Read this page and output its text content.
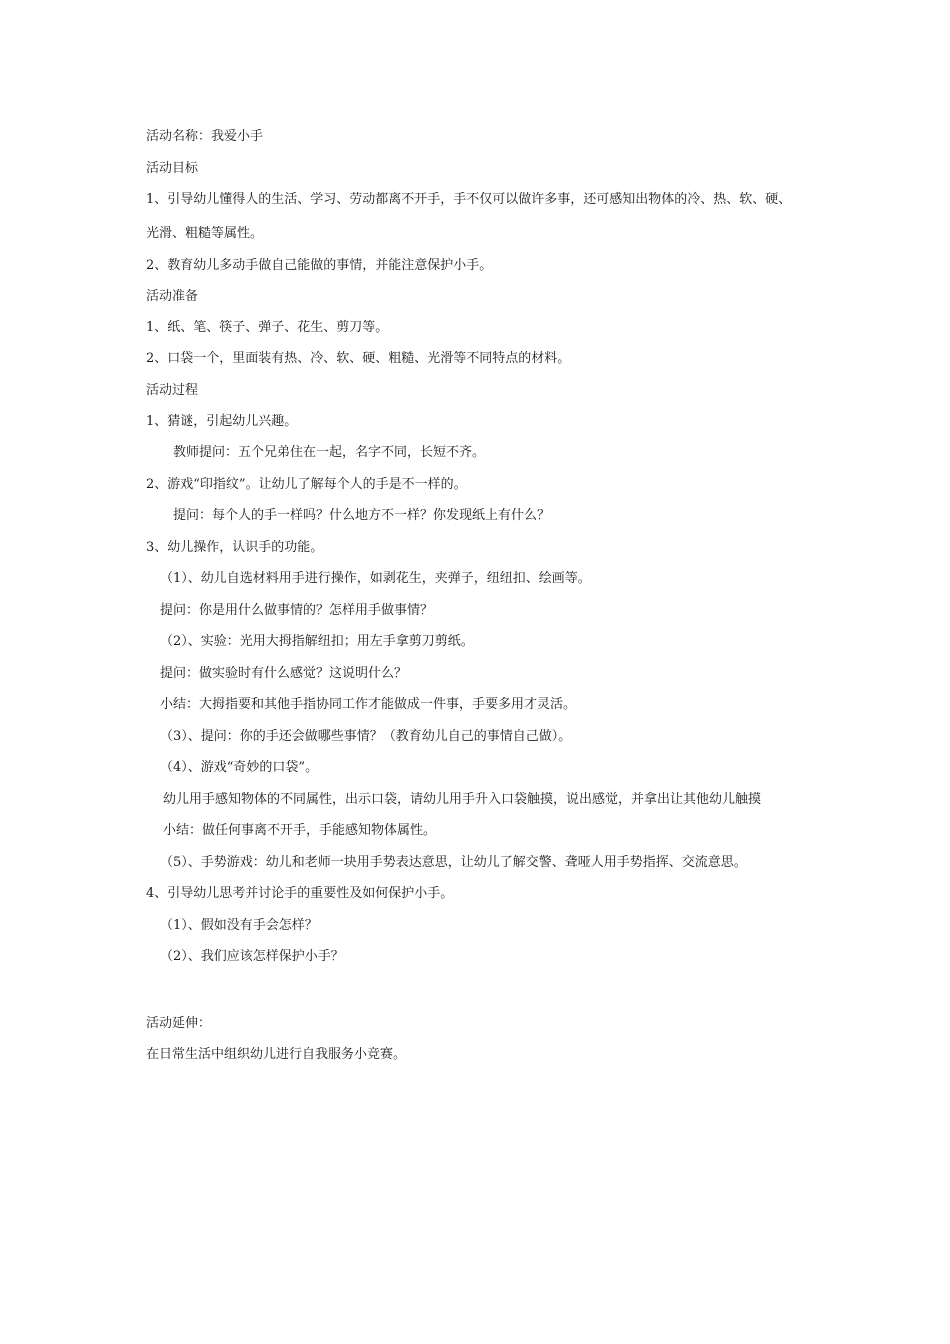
活动名称：我爱小手

活动目标

1、引导幼儿懂得人的生活、学习、劳动都离不开手，手不仅可以做许多事，还可感知出物体的冷、热、软、硬、

光滑、粗糙等属性。

2、教育幼儿多动手做自己能做的事情，并能注意保护小手。

活动准备

1、纸、笔、筷子、弹子、花生、剪刀等。

2、口袋一个，里面装有热、冷、软、硬、粗糙、光滑等不同特点的材料。

活动过程

1、猜谜，引起幼儿兴趣。

教师提问：五个兄弟住在一起，名字不同，长短不齐。

2、游戏“印指纹”。让幼儿了解每个人的手是不一样的。

提问：每个人的手一样吗？什么地方不一样？你发现纸上有什么？

3、幼儿操作，认识手的功能。

（1）、幼儿自选材料用手进行操作，如剥花生，夹弹子，纽纽扣、绘画等。

提问：你是用什么做事情的？怎样用手做事情？

（2）、实验：光用大拇指解纽扣；用左手拿剪刀剪纸。

提问：做实验时有什么感觉？这说明什么？

小结：大拇指要和其他手指协同工作才能做成一件事，手要多用才灵活。

（3）、提问：你的手还会做哪些事情？（教育幼儿自己的事情自己做）。

（4）、游戏“奇妙的口袋”。

幼儿用手感知物体的不同属性，出示口袋，请幼儿用手升入口袋触摸，说出感觉，并拿出让其他幼儿触摸

小结：做任何事离不开手，手能感知物体属性。

（5）、手势游戏：幼儿和老师一块用手势表达意思，让幼儿了解交警、聋哑人用手势指挥、交流意思。

4、引导幼儿思考并讨论手的重要性及如何保护小手。

（1）、假如没有手会怎样？

（2）、我们应该怎样保护小手？

活动延伸：

在日常生活中组织幼儿进行自我服务小竞赛。
